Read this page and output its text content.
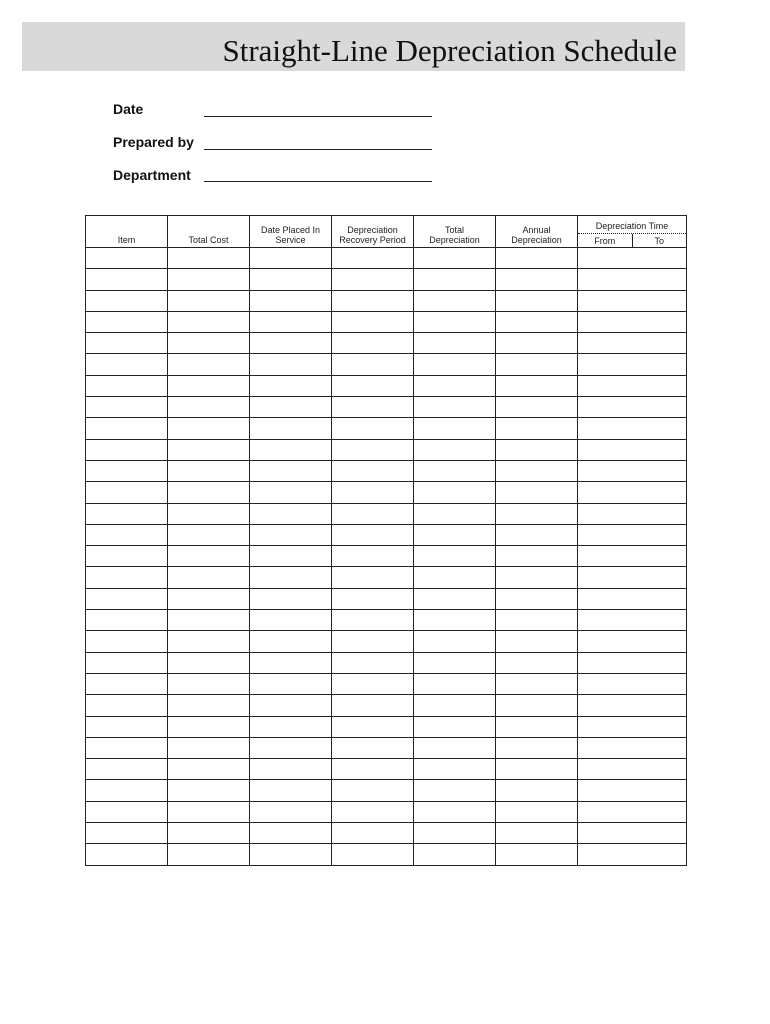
Straight-Line Depreciation Schedule
Date
Prepared by
Department
Item	Total Cost	Date Placed In Service	Depreciation Recovery Period	Total Depreciation	Annual Depreciation	Depreciation Time
From To
